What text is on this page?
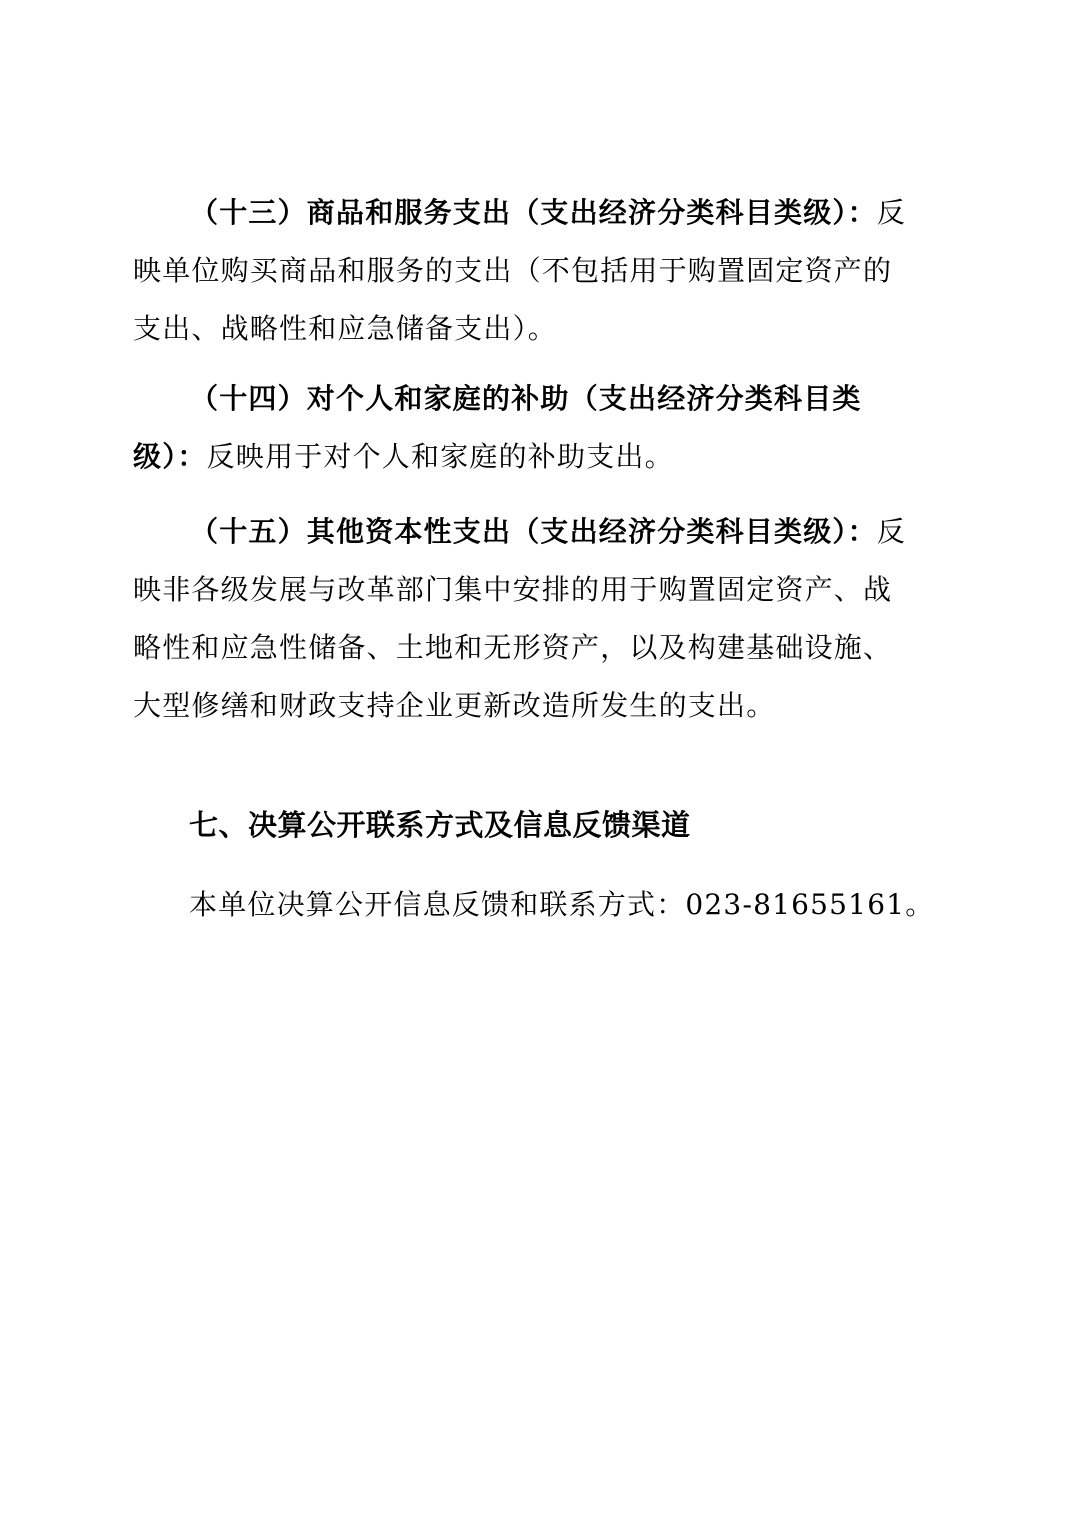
（十三）商品和服务支出（支出经济分类科目类级）：反映单位购买商品和服务的支出（不包括用于购置固定资产的支出、战略性和应急储备支出）。

（十四）对个人和家庭的补助（支出经济分类科目类级）：反映用于对个人和家庭的补助支出。

（十五）其他资本性支出（支出经济分类科目类级）：反映非各级发展与改革部门集中安排的用于购置固定资产、战略性和应急性储备、土地和无形资产，以及构建基础设施、大型修缮和财政支持企业更新改造所发生的支出。

七、决算公开联系方式及信息反馈渠道

本单位决算公开信息反馈和联系方式：023-81655161。
